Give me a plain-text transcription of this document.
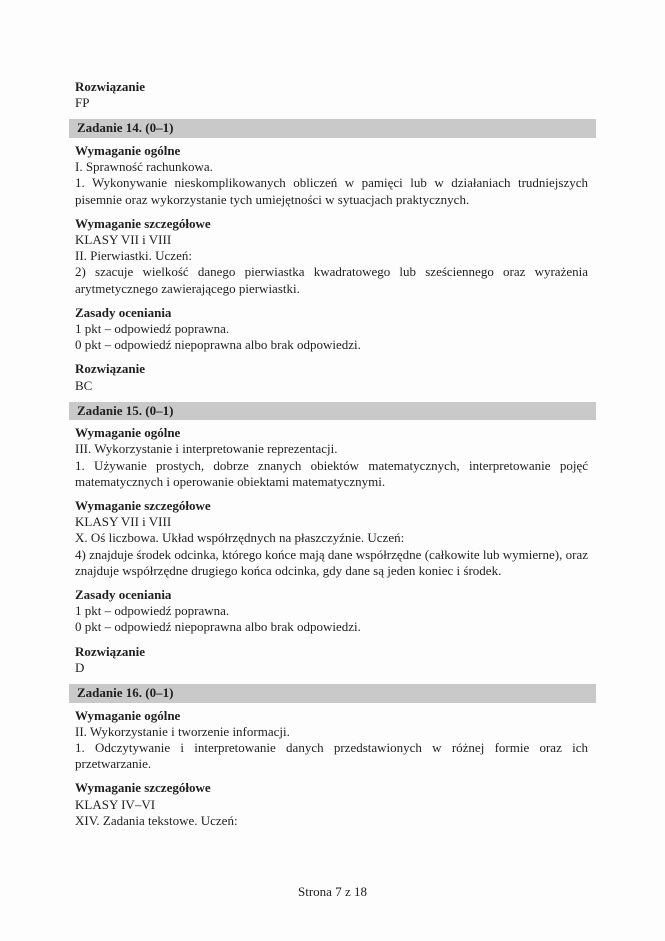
Rozwiązanie
FP
Zadanie 14. (0–1)
Wymaganie ogólne
I. Sprawność rachunkowa.
1. Wykonywanie nieskomplikowanych obliczeń w pamięci lub w działaniach trudniejszych pisemnie oraz wykorzystanie tych umiejętności w sytuacjach praktycznych.
Wymaganie szczegółowe
KLASY VII i VIII
II. Pierwiastki. Uczeń:
2) szacuje wielkość danego pierwiastka kwadratowego lub sześciennego oraz wyrażenia arytmetycznego zawierającego pierwiastki.
Zasady oceniania
1 pkt – odpowiedź poprawna.
0 pkt – odpowiedź niepoprawna albo brak odpowiedzi.
Rozwiązanie
BC
Zadanie 15. (0–1)
Wymaganie ogólne
III. Wykorzystanie i interpretowanie reprezentacji.
1. Używanie prostych, dobrze znanych obiektów matematycznych, interpretowanie pojęć matematycznych i operowanie obiektami matematycznymi.
Wymaganie szczegółowe
KLASY VII i VIII
X. Oś liczbowa. Układ współrzędnych na płaszczyźnie. Uczeń:
4) znajduje środek odcinka, którego końce mają dane współrzędne (całkowite lub wymierne), oraz znajduje współrzędne drugiego końca odcinka, gdy dane są jeden koniec i środek.
Zasady oceniania
1 pkt – odpowiedź poprawna.
0 pkt – odpowiedź niepoprawna albo brak odpowiedzi.
Rozwiązanie
D
Zadanie 16. (0–1)
Wymaganie ogólne
II. Wykorzystanie i tworzenie informacji.
1. Odczytywanie i interpretowanie danych przedstawionych w różnej formie oraz ich przetwarzanie.
Wymaganie szczegółowe
KLASY IV–VI
XIV. Zadania tekstowe. Uczeń:
Strona 7 z 18
